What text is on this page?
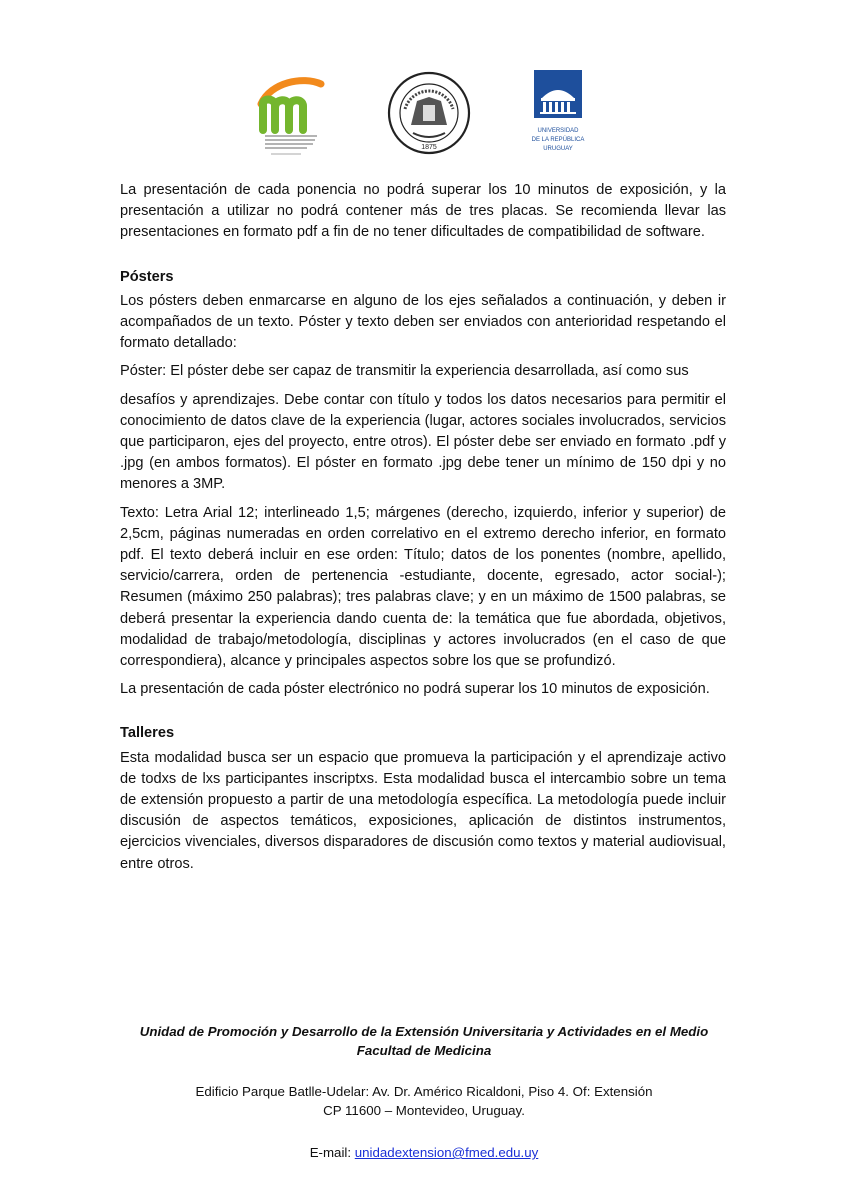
1875
UNIVERSIDAD
DE LA REPÚBLICA
URUGUAY

La presentación de cada ponencia no podrá superar los 10 minutos de exposición, y la presentación a utilizar no podrá contener más de tres placas. Se recomienda llevar las presentaciones en formato pdf a fin de no tener dificultades de compatibilidad de software.

Pósters

Los pósters deben enmarcarse en alguno de los ejes señalados a continuación, y deben ir acompañados de un texto. Póster y texto deben ser enviados con anterioridad respetando el formato detallado:

Póster: El póster debe ser capaz de transmitir la experiencia desarrollada, así como sus

desafíos y aprendizajes. Debe contar con título y todos los datos necesarios para permitir el conocimiento de datos clave de la experiencia (lugar, actores sociales involucrados, servicios que participaron, ejes del proyecto, entre otros). El póster debe ser enviado en formato .pdf y .jpg (en ambos formatos). El póster en formato .jpg debe tener un mínimo de 150 dpi y no menores a 3MP.

Texto: Letra Arial 12; interlineado 1,5; márgenes (derecho, izquierdo, inferior y superior) de 2,5cm, páginas numeradas en orden correlativo en el extremo derecho inferior, en formato pdf. El texto deberá incluir en ese orden: Título; datos de los ponentes (nombre, apellido, servicio/carrera, orden de pertenencia -estudiante, docente, egresado, actor social-); Resumen (máximo 250 palabras); tres palabras clave; y en un máximo de 1500 palabras, se deberá presentar la experiencia dando cuenta de: la temática que fue abordada, objetivos, modalidad de trabajo/metodología, disciplinas y actores involucrados (en el caso de que correspondiera), alcance y principales aspectos sobre los que se profundizó.

La presentación de cada póster electrónico no podrá superar los 10 minutos de exposición.

Talleres

Esta modalidad busca ser un espacio que promueva la participación y el aprendizaje activo de todxs de lxs participantes inscriptxs. Esta modalidad busca el intercambio sobre un tema de extensión propuesto a partir de una metodología específica. La metodología puede incluir discusión de aspectos temáticos, exposiciones, aplicación de distintos instrumentos, ejercicios vivenciales, diversos disparadores de discusión como textos y material audiovisual, entre otros.

Unidad de Promoción y Desarrollo de la Extensión Universitaria y Actividades en el Medio
Facultad de Medicina
Edificio Parque Batlle-Udelar: Av. Dr. Américo Ricaldoni, Piso 4. Of: Extensión
CP 11600 – Montevideo, Uruguay.
E-mail: unidadextension@fmed.edu.uy
